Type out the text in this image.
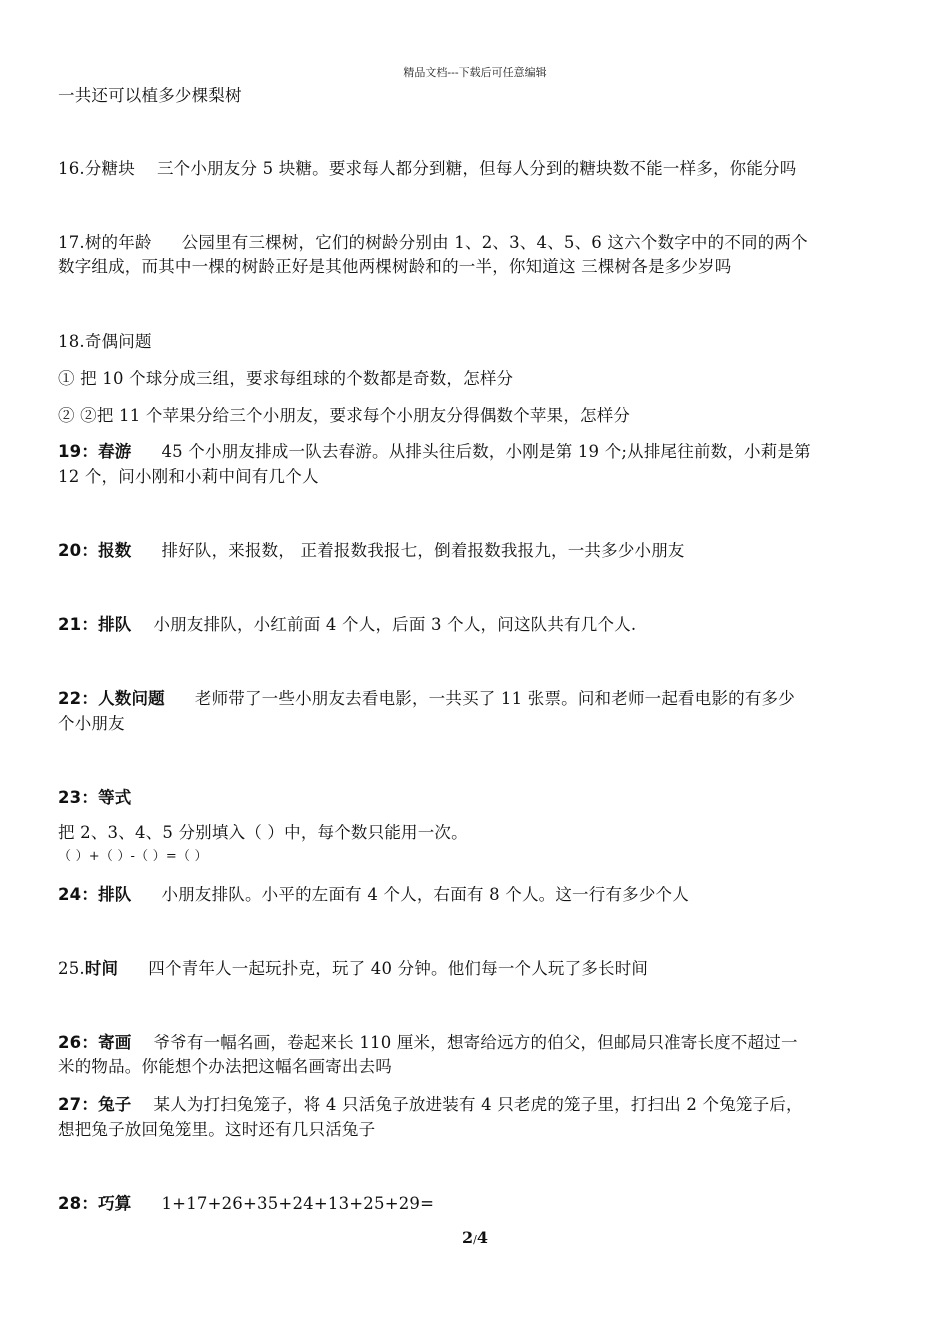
精品文档---下载后可任意编辑
一共还可以植多少棵梨树
16.分糖块 三个小朋友分 5 块糖。要求每人都分到糖，但每人分到的糖块数不能一样多，你能分吗
17.树的年龄 公园里有三棵树，它们的树龄分别由 1、2、3、4、5、6 这六个数字中的不同的两个
数字组成，而其中一棵的树龄正好是其他两棵树龄和的一半，你知道这 三棵树各是多少岁吗
18.奇偶问题
① 把 10 个球分成三组，要求每组球的个数都是奇数，怎样分
② ②把 11 个苹果分给三个小朋友，要求每个小朋友分得偶数个苹果，怎样分
19：春游 45 个小朋友排成一队去春游。从排头往后数，小刚是第 19 个;从排尾往前数，小莉是第
12 个，问小刚和小莉中间有几个人
20：报数 排好队，来报数， 正着报数我报七，倒着报数我报九，一共多少小朋友
21：排队 小朋友排队，小红前面 4 个人，后面 3 个人，问这队共有几个人.
22：人数问题 老师带了一些小朋友去看电影，一共买了 11 张票。问和老师一起看电影的有多少
个小朋友
23：等式
把 2、3、4、5 分别填入（ ）中，每个数只能用一次。
（ ）+（ ）-（ ）=（ ）
24：排队 小朋友排队。小平的左面有 4 个人，右面有 8 个人。这一行有多少个人
25.时间 四个青年人一起玩扑克，玩了 40 分钟。他们每一个人玩了多长时间
26：寄画 爷爷有一幅名画，卷起来长 110 厘米，想寄给远方的伯父，但邮局只准寄长度不超过一
米的物品。你能想个办法把这幅名画寄出去吗
27：兔子 某人为打扫兔笼子，将 4 只活兔子放进装有 4 只老虎的笼子里，打扫出 2 个兔笼子后，
想把兔子放回兔笼里。这时还有几只活兔子
28：巧算 1+17+26+35+24+13+25+29=
2/4
